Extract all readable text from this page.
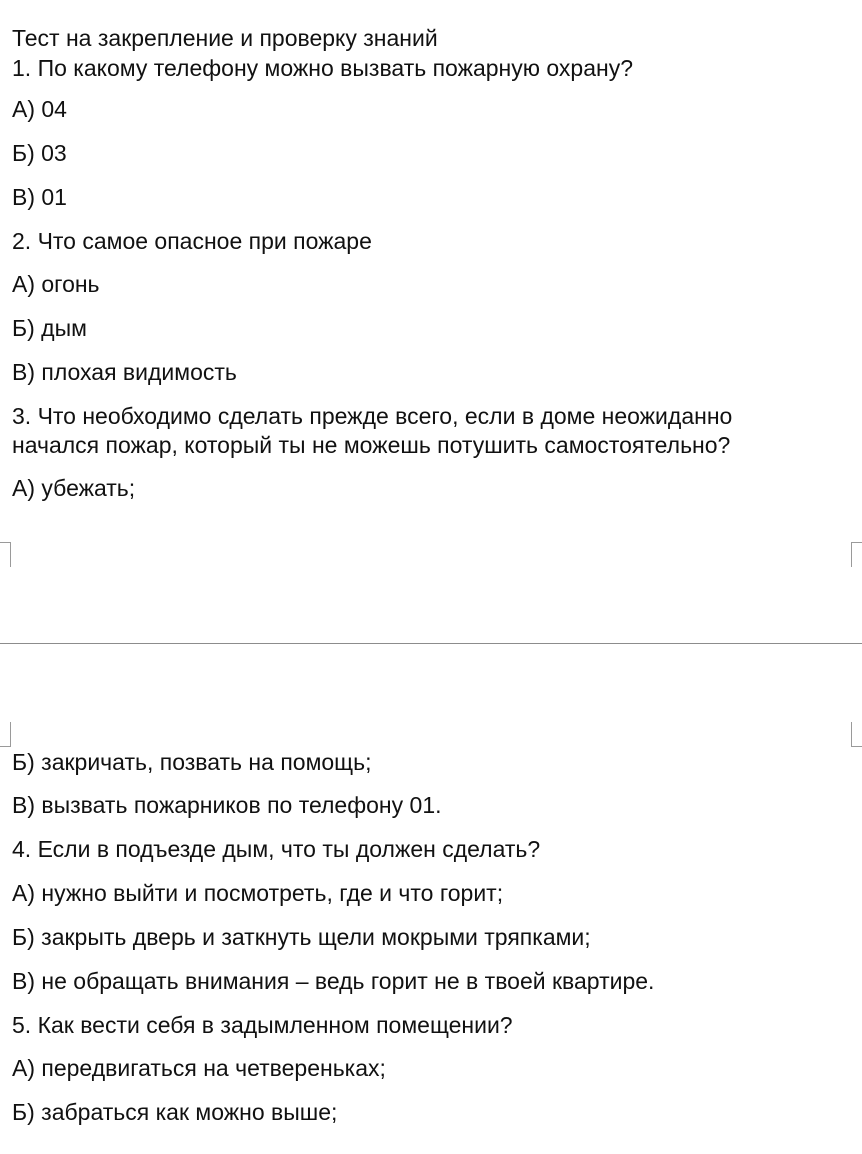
Тест на закрепление и проверку знаний
1. По какому телефону можно вызвать пожарную охрану?
А) 04
Б) 03
В) 01
2. Что самое опасное при пожаре
А) огонь
Б) дым
В) плохая видимость
3. Что необходимо сделать прежде всего, если в доме неожиданно
начался пожар, который ты не можешь потушить самостоятельно?
А) убежать;
Б) закричать, позвать на помощь;
В) вызвать пожарников по телефону 01.
4. Если в подъезде дым, что ты должен сделать?
А) нужно выйти и посмотреть, где и что горит;
Б) закрыть дверь и заткнуть щели мокрыми тряпками;
В) не обращать внимания – ведь горит не в твоей квартире.
5. Как вести себя в задымленном помещении?
А) передвигаться на четвереньках;
Б) забраться как можно выше;
